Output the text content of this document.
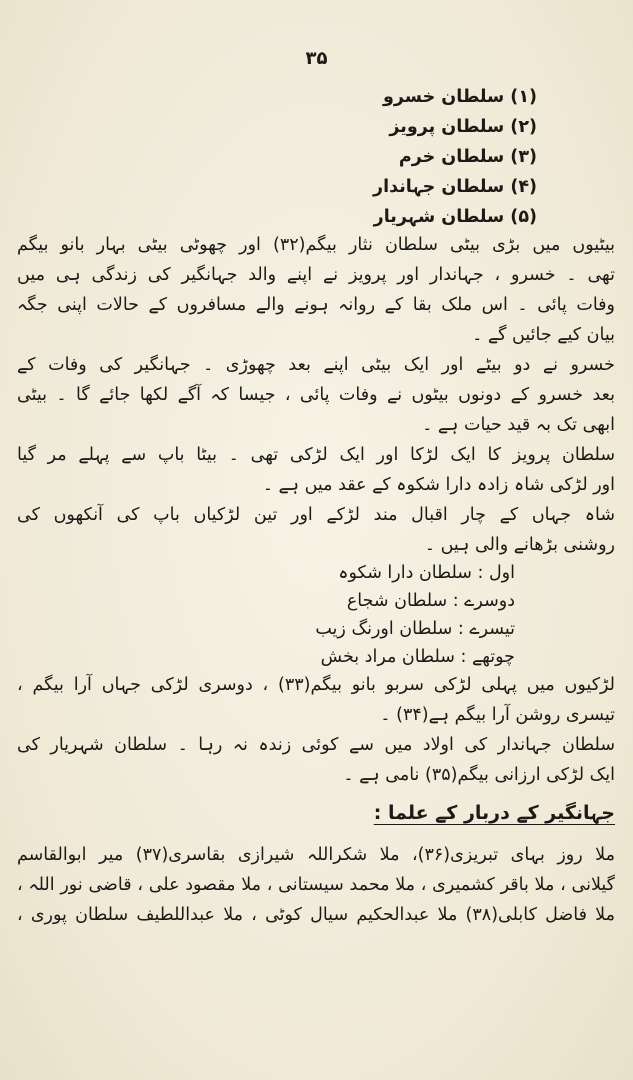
۳۵
(۱) سلطان خسرو
(۲) سلطان پرویز
(۳) سلطان خرم
(۴) سلطان جہاندار
(۵) سلطان شہریار
بیٹیوں میں بڑی بیٹی سلطان نثار بیگم(۳۲) اور چھوٹی بیٹی بہار بانو بیگم
تھی ۔ خسرو ، جہاندار اور پرویز نے اپنے والد جہانگیر کی زندگی ہی میں
وفات پائی ۔ اس ملک بقا کے روانہ ہونے والے مسافروں کے حالات اپنی جگہ
بیان کیے جائیں گے ۔
خسرو نے دو بیٹے اور ایک بیٹی اپنے بعد چھوڑی ۔ جہانگیر کی وفات کے
بعد خسرو کے دونوں بیٹوں نے وفات پائی ، جیسا کہ آگے لکھا جائے گا ۔ بیٹی
ابھی تک بہ قید حیات ہے ۔
سلطان پرویز کا ایک لڑکا اور ایک لڑکی تھی ۔ بیٹا باپ سے پہلے مر گیا
اور لڑکی شاہ زادہ دارا شکوہ کے عقد میں ہے ۔
شاہ جہاں کے چار اقبال مند لڑکے اور تین لڑکیاں باپ کی آنکھوں کی
روشنی بڑھانے والی ہیں ۔
اول : سلطان دارا شکوہ
دوسرے : سلطان شجاع
تیسرے : سلطان اورنگ زیب
چوتھے : سلطان مراد بخش
لڑکیوں میں پہلی لڑکی سربو بانو بیگم(۳۳) ، دوسری لڑکی جہاں آرا بیگم ،
تیسری روشن آرا بیگم ہے(۳۴) ۔
سلطان جہاندار کی اولاد میں سے کوئی زندہ نہ رہا ۔ سلطان شہریار کی
ایک لڑکی ارزانی بیگم(۳۵) نامی ہے ۔
جہانگیر کے دربار کے علما :
ملا روز بہای تبریزی(۳۶)، ملا شکراللہ شیرازی بقاسری(۳۷) میر ابوالقاسم
گیلانی ، ملا باقر کشمیری ، ملا محمد سیستانی ، ملا مقصود علی ، قاضی نور اللہ ،
ملا فاضل کابلی(۳۸) ملا عبدالحکیم سیال کوٹی ، ملا عبداللطیف سلطان پوری ،
